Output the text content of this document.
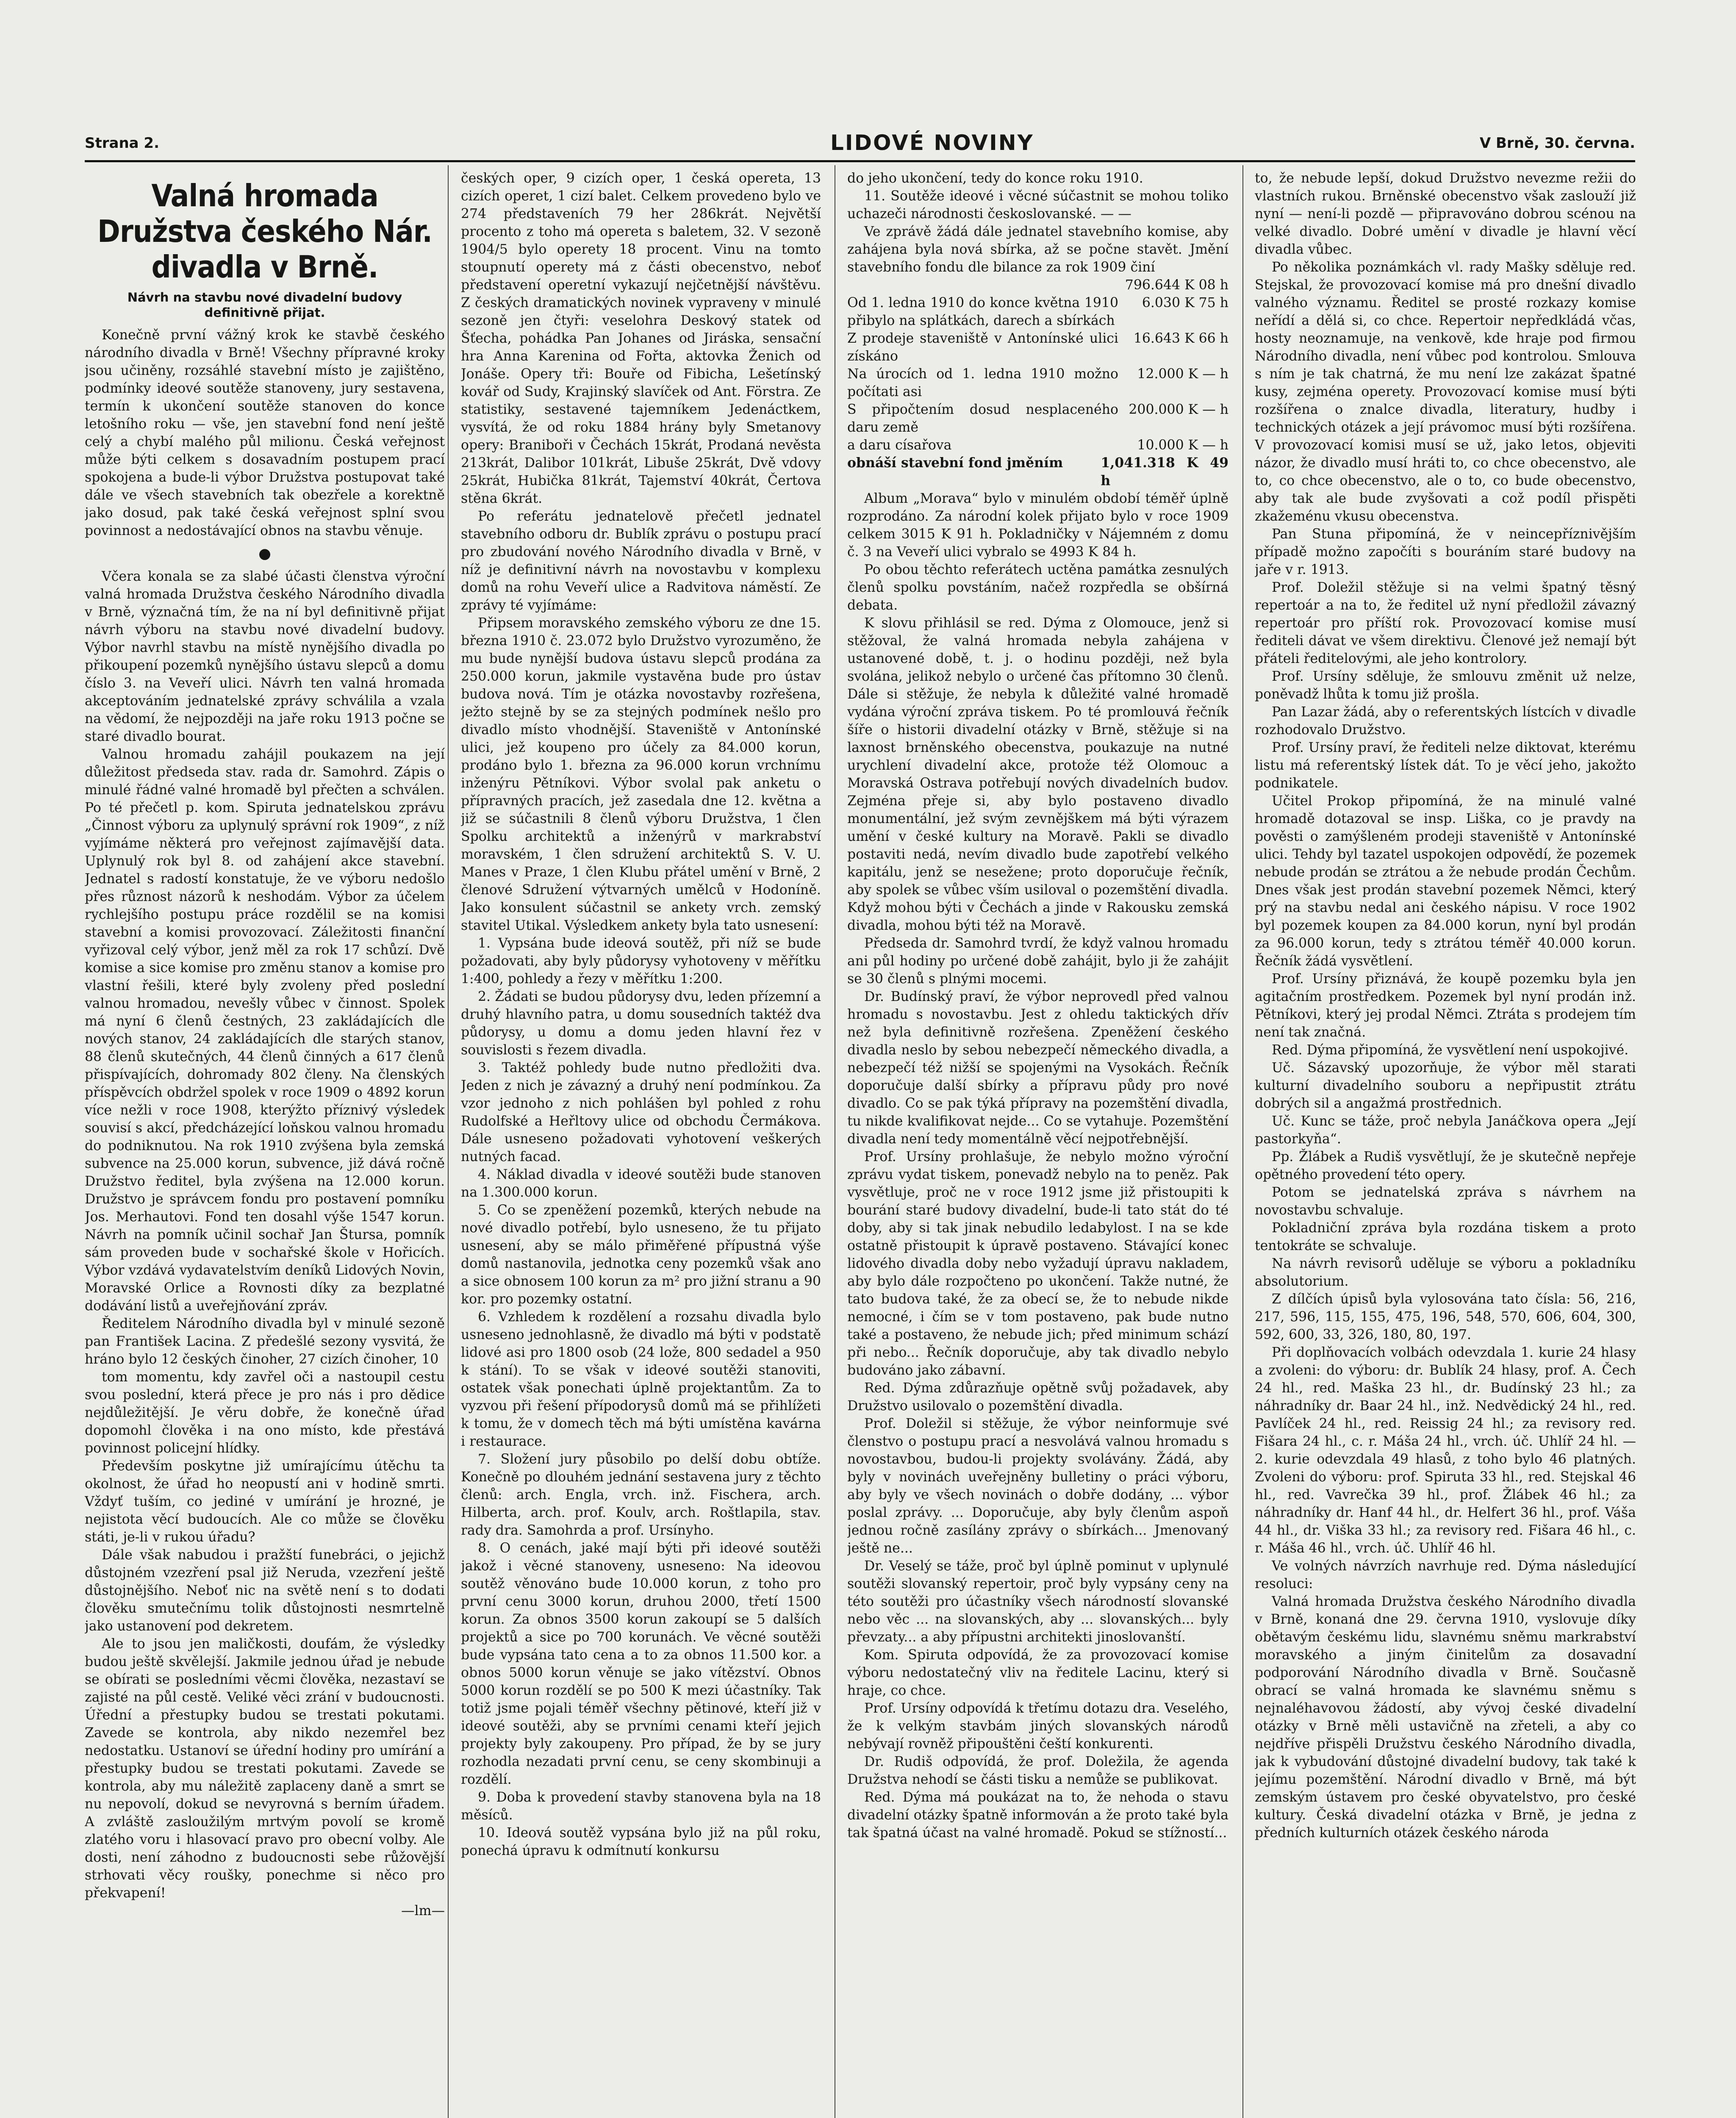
Strana 2.	LIDOVÉ NOVINY	V Brně, 30. června.
Valná hromada Družstva českého Nár. divadla v Brně.
Návrh na stavbu nové divadelní budovy definitivně přijat.

Konečně první vážný krok ke stavbě českého národního divadla v Brně! Všechny přípravné kroky jsou učiněny, rozsáhlé stavební místo je zajištěno, podmínky ideové soutěže stanoveny, jury sestavena, termín k ukončení soutěže stanoven do konce letošního roku — vše, jen stavební fond není ještě celý a chybí malého půl milionu. Česká veřejnost může býti celkem s dosavadním postupem prací spokojena a bude-li výbor Družstva postupovat také dále ve všech stavebních tak obezřele a korektně jako dosud, pak také česká veřejnost splní svou povinnost a nedostávající obnos na stavbu věnuje.

●

Včera konala se za slabé účasti členstva výroční valná hromada Družstva českého Národního divadla v Brně, význačná tím, že na ní byl definitivně přijat návrh výboru na stavbu nové divadelní budovy. Výbor navrhl stavbu na místě nynějšího divadla po přikoupení pozemků nynějšího ústavu slepců a domu číslo 3. na Veveří ulici. Návrh ten valná hromada akceptováním jednatelské zprávy schválila a vzala na vědomí, že nejpozději na jaře roku 1913 počne se staré divadlo bourat.

Valnou hromadu zahájil poukazem na její důležitost předseda stav. rada dr. Samohrd. Zápis o minulé řádné valné hromadě byl přečten a schválen. Po té přečetl p. kom. Spiruta jednatelskou zprávu „Činnost výboru za uplynulý správní rok 1909“, z níž vyjímáme některá pro veřejnost zajímavější data. Uplynulý rok byl 8. od zahájení akce stavební. Jednatel s radostí konstatuje, že ve výboru nedošlo přes různost názorů k neshodám. Výbor za účelem rychlejšího postupu práce rozdělil se na komisi stavební a komisi provozovací. Záležitosti finanční vyřizoval celý výbor, jenž měl za rok 17 schůzí. Dvě komise a sice komise pro změnu stanov a komise pro vlastní řešili, které byly zvoleny před poslední valnou hromadou, nevešly vůbec v činnost. Spolek má nyní 6 členů čestných, 23 zakládajících dle nových stanov, 24 zakládajících dle starých stanov, 88 členů skutečných, 44 členů činných a 617 členů přispívajících, dohromady 802 členy. Na členských příspěvcích obdržel spolek v roce 1909 o 4892 korun více nežli v roce 1908, kterýžto příznivý výsledek souvisí s akcí, předcházející loňskou valnou hromadu do podniknutou. Na rok 1910 zvýšena byla zemská subvence na 25.000 korun, subvence, již dává ročně Družstvo ředitel, byla zvýšena na 12.000 korun. Družstvo je správcem fondu pro postavení pomníku Jos. Merhautovi. Fond ten dosahl výše 1547 korun. Návrh na pomník učinil sochař Jan Štursa, pomník sám proveden bude v sochařské škole v Hořicích. Výbor vzdává vydavatelstvím deníků Lidových Novin, Moravské Orlice a Rovnosti díky za bezplatné dodávání listů a uveřejňování zpráv.

Ředitelem Národního divadla byl v minulé sezoně pan František Lacina. Z předešlé sezony vysvitá, že hráno bylo 12 českých činoher, 27 cizích činoher, 10

tom momentu, kdy zavřel oči a nastoupil cestu svou poslední, která přece je pro nás i pro dědice nejdůležitější. Je věru dobře, že konečně úřad dopomohl člověka i na ono místo, kde přestává povinnost policejní hlídky.

Především poskytne již umírajícímu útěchu ta okolnost, že úřad ho neopustí ani v hodině smrti. Vždyť tuším, co jediné v umírání je hrozné, je nejistota věcí budoucích. Ale co může se člověku státi, je-li v rukou úřadu?

Dále však nabudou i pražští funebráci, o jejichž důstojném vzezření psal již Neruda, vzezření ještě důstojnějšího. Neboť nic na světě není s to dodati člověku smutečnímu tolik důstojnosti nesmrtelně jako ustanovení pod dekretem.

Ale to jsou jen maličkosti, doufám, že výsledky budou ještě skvělejší. Jakmile jednou úřad je nebude se obírati se posledními věcmi člověka, nezastaví se zajisté na půl cestě. Veliké věci zrání v budoucnosti. Úřední a přestupky budou se trestati pokutami. Zavede se kontrola, aby nikdo nezemřel bez nedostatku. Ustanoví se úřední hodiny pro umírání a přestupky budou se trestati pokutami. Zavede se kontrola, aby mu náležitě zaplaceny daně a smrt se nu nepovolí, dokud se nevyrovná s berním úřadem. A zvláště zasloužilým mrtvým povolí se kromě zlatého voru i hlasovací pravo pro obecní volby. Ale dosti, není záhodno z budoucnosti sebe růžovější strhovati věcy roušky, ponechme si něco pro překvapení!

—lm—

českých oper, 9 cizích oper, 1 česká opereta, 13 cizích operet, 1 cizí balet. Celkem provedeno bylo ve 274 představeních 79 her 286krát. Největší procento z toho má opereta s baletem, 32. V sezoně 1904/5 bylo operety 18 procent. Vinu na tomto stoupnutí operety má z části obecenstvo, neboť představení operetní vykazují nejčetnější návštěvu. Z českých dramatických novinek vypraveny v minulé sezoně jen čtyři: veselohra Deskový statek od Šťecha, pohádka Pan Johanes od Jiráska, sensační hra Anna Karenina od Fořta, aktovka Ženich od Jonáše. Opery tři: Bouře od Fibicha, Lešetínský kovář od Sudy, Krajinský slavíček od Ant. Förstra. Ze statistiky, sestavené tajemníkem Jedenáctkem, vysvítá, že od roku 1884 hrány byly Smetanovy opery: Braniboři v Čechách 15krát, Prodaná nevěsta 213krát, Dalibor 101krát, Libuše 25krát, Dvě vdovy 25krát, Hubička 81krát, Tajemství 40krát, Čertova stěna 6krát.

Po referátu jednatelově přečetl jednatel stavebního odboru dr. Bublík zprávu o postupu prací pro zbudování nového Národního divadla v Brně, v níž je definitivní návrh na novostavbu v komplexu domů na rohu Veveří ulice a Radvitova náměstí. Ze zprávy té vyjímáme:

Připsem moravského zemského výboru ze dne 15. března 1910 č. 23.072 bylo Družstvo vyrozuměno, že mu bude nynější budova ústavu slepců prodána za 250.000 korun, jakmile vystavěna bude pro ústav budova nová. Tím je otázka novostavby rozřešena, ježto stejně by se za stejných podmínek nešlo pro divadlo místo vhodnější. Staveniště v Antonínské ulici, jež koupeno pro účely za 84.000 korun, prodáno bylo 1. března za 96.000 korun vrchnímu inženýru Pětníkovi. Výbor svolal pak anketu o přípravných pracích, jež zasedala dne 12. května a již se súčastnili 8 členů výboru Družstva, 1 člen Spolku architektů a inženýrů v markrabství moravském, 1 člen sdružení architektů S. V. U. Manes v Praze, 1 člen Klubu přátel umění v Brně, 2 členové Sdružení výtvarných umělců v Hodoníně. Jako konsulent súčastnil se ankety vrch. zemský stavitel Utikal. Výsledkem ankety byla tato usnesení:

1. Vypsána bude ideová soutěž, při níž se bude požadovati, aby byly půdorysy vyhotoveny v měřítku 1:400, pohledy a řezy v měřítku 1:200.

2. Žádati se budou půdorysy dvu, leden přízemní a druhý hlavního patra, u domu sousedních taktéž dva půdorysy, u domu a domu jeden hlavní řez v souvislosti s řezem divadla.

3. Taktéž pohledy bude nutno předložiti dva. Jeden z nich je závazný a druhý není podmínkou. Za vzor jednoho z nich pohlášen byl pohled z rohu Rudolfské a Heřltovy ulice od obchodu Čermákova. Dále usneseno požadovati vyhotovení veškerých nutných facad.

4. Náklad divadla v ideové soutěži bude stanoven na 1.300.000 korun.

5. Co se zpeněžení pozemků, kterých nebude na nové divadlo potřebí, bylo usneseno, že tu přijato usnesení, aby se málo přiměřené přípustná výše domů nastanovila, jednotka ceny pozemků však ano a sice obnosem 100 korun za m² pro jižní stranu a 90 kor. pro pozemky ostatní.

6. Vzhledem k rozdělení a rozsahu divadla bylo usneseno jednohlasně, že divadlo má býti v podstatě lidové asi pro 1800 osob (24 lože, 800 sedadel a 950 k stání). To se však v ideové soutěži stanoviti, ostatek však ponechati úplně projektantům. Za to vyzvou při řešení přípodorysů domů má se přihlížeti k tomu, že v domech těch má býti umístěna kavárna i restaurace.

7. Složení jury působilo po delší dobu obtíže. Konečně po dlouhém jednání sestavena jury z těchto členů: arch. Engla, vrch. inž. Fischera, arch. Hilberta, arch. prof. Koulv, arch. Roštlapila, stav. rady dra. Samohrda a prof. Ursínyho.

8. O cenách, jaké mají býti při ideové soutěži jakož i věcné stanoveny, usneseno: Na ideovou soutěž věnováno bude 10.000 korun, z toho pro první cenu 3000 korun, druhou 2000, třetí 1500 korun. Za obnos 3500 korun zakoupí se 5 dalších projektů a sice po 700 korunách. Ve věcné soutěži bude vypsána tato cena a to za obnos 11.500 kor. a obnos 5000 korun věnuje se jako vítězství. Obnos 5000 korun rozdělí se po 500 K mezi účastníky. Tak totiž jsme pojali téměř všechny pětinové, kteří již v ideové soutěži, aby se prvními cenami kteří jejich projekty byly zakoupeny. Pro případ, že by se jury rozhodla nezadati první cenu, se ceny skombinuji a rozdělí.

9. Doba k provedení stavby stanovena byla na 18 měsíců.

10. Ideová soutěž vypsána bylo již na půl roku, ponechá úpravu k odmítnutí konkursu

do jeho ukončení, tedy do konce roku 1910.

11. Soutěže ideové i věcné súčastnit se mohou toliko uchazeči národnosti českoslovanské. — —

Ve zprávě žádá dále jednatel stavebního komise, aby zahájena byla nová sbírka, až se počne stavět. Jmění stavebního fondu dle bilance za rok 1909 činí

796.644 K 08 h
Od 1. ledna 1910 do konce května 1910 přibylo na splátkách, darech a sbírkách
6.030 K 75 h
Z prodeje staveniště v Antonínské ulici získáno
16.643 K 66 h
Na úrocích od 1. ledna 1910 možno počítati asi
12.000 K — h
S připočtením dosud nesplaceného daru země
200.000 K — h
a daru císařova	10.000 K — h
obnáší stavební fond jměním	1,041.318 K 49 h

Album „Morava“ bylo v minulém období téměř úplně rozprodáno. Za národní kolek přijato bylo v roce 1909 celkem 3015 K 91 h. Pokladničky v Nájemném z domu č. 3 na Veveří ulici vybralo se 4993 K 84 h.

Po obou těchto referátech uctěna památka zesnulých členů spolku povstáním, načež rozpředla se obšírná debata.

K slovu přihlásil se red. Dýma z Olomouce, jenž si stěžoval, že valná hromada nebyla zahájena v ustanovené době, t. j. o hodinu později, než byla svolána, jelikož nebylo o určené čas přítomno 30 členů. Dále si stěžuje, že nebyla k důležité valné hromadě vydána výroční zpráva tiskem. Po té promlouvá řečník šíře o historii divadelní otázky v Brně, stěžuje si na laxnost brněnského obecenstva, poukazuje na nutné urychlení divadelní akce, protože též Olomouc a Moravská Ostrava potřebují nových divadelních budov. Zejména přeje si, aby bylo postaveno divadlo monumentální, jež svým zevnějškem má býti výrazem umění v české kultury na Moravě. Pakli se divadlo postaviti nedá, nevím divadlo bude zapotřebí velkého kapitálu, jenž se nesežene; proto doporučuje řečník, aby spolek se vůbec vším usiloval o pozemštění divadla. Když mohou býti v Čechách a jinde v Rakousku zemská divadla, mohou býti též na Moravě.

Předseda dr. Samohrd tvrdí, že když valnou hromadu ani půl hodiny po určené době zahájit, bylo ji že zahájit se 30 členů s plnými mocemi.

Dr. Budínský praví, že výbor neprovedl před valnou hromadu s novostavbu. Jest z ohledu taktických dřív než byla definitivně rozřešena. Zpeněžení českého divadla neslo by sebou nebezpečí německého divadla, a nebezpečí též nižší se spojenými na Vysokách. Řečník doporučuje další sbírky a přípravu půdy pro nové divadlo. Co se pak týká přípravy na pozemštění divadla, tu nikde kvalifikovat nejde... Co se vytahuje. Pozemštění divadla není tedy momentálně věcí nejpotřebnější.

Prof. Ursíny prohlašuje, že nebylo možno výroční zprávu vydat tiskem, ponevadž nebylo na to peněz. Pak vysvětluje, proč ne v roce 1912 jsme již přistoupiti k bourání staré budovy divadelní, bude-li tato stát do té doby, aby si tak jinak nebudilo ledabylost. I na se kde ostatně přistoupit k úpravě postaveno. Stávající konec lidového divadla doby nebo vyžadují úpravu nakladem, aby bylo dále rozpočteno po ukončení. Takže nutné, že tato budova také, že za obecí se, že to nebude nikde nemocné, i čím se v tom postaveno, pak bude nutno také a postaveno, že nebude jich; před minimum schází při nebo... Řečník doporučuje, aby tak divadlo nebylo budováno jako zábavní.

Red. Dýma zdůrazňuje opětně svůj požadavek, aby Družstvo usilovalo o pozemštění divadla.

Prof. Doležil si stěžuje, že výbor neinformuje své členstvo o postupu prací a nesvolává valnou hromadu s novostavbou, budou-li projekty svolávány. Žádá, aby byly v novinách uveřejněny bulletiny o práci výboru, aby byly ve všech novinách o dobře dodány, ... výbor poslal zprávy. ... Doporučuje, aby byly členům aspoň jednou ročně zasílány zprávy o sbírkách... Jmenovaný ještě ne...

Dr. Veselý se táže, proč byl úplně pominut v uplynulé soutěži slovanský repertoir, proč byly vypsány ceny na této soutěži pro účastníky všech národností slovanské nebo věc ... na slovanských, aby ... slovanských... byly převzaty... a aby přípustni architekti jinoslovanští.

Kom. Spiruta odpovídá, že za provozovací komise výboru nedostatečný vliv na ředitele Lacinu, který si hraje, co chce.

Prof. Ursíny odpovídá k třetímu dotazu dra. Veselého, že k velkým stavbám jiných slovanských národů nebývají rovněž připouštěni čeští konkurenti.

Dr. Rudiš odpovídá, že prof. Doležila, že agenda Družstva nehodí se části tisku a nemůže se publikovat.

Red. Dýma má poukázat na to, že nehoda o stavu divadelní otázky špatně informován a že proto také byla tak špatná účast na valné hromadě. Pokud se stížností...

to, že nebude lepší, dokud Družstvo nevezme režii do vlastních rukou. Brněnské obecenstvo však zaslouží již nyní — není-li pozdě — připravováno dobrou scénou na velké divadlo. Dobré umění v divadle je hlavní věcí divadla vůbec.

Po několika poznámkách vl. rady Mašky sděluje red. Stejskal, že provozovací komise má pro dnešní divadlo valného významu. Ředitel se prosté rozkazy komise neřídí a dělá si, co chce. Repertoir nepředkládá včas, hosty neoznamuje, na venkově, kde hraje pod firmou Národního divadla, není vůbec pod kontrolou. Smlouva s ním je tak chatrná, že mu není lze zakázat špatné kusy, zejména operety. Provozovací komise musí býti rozšířena o znalce divadla, literatury, hudby i technických otázek a její právomoc musí býti rozšířena. V provozovací komisi musí se už, jako letos, objeviti názor, že divadlo musí hráti to, co chce obecenstvo, ale to, co chce obecenstvo, ale o to, co bude obecenstvo, aby tak ale bude zvyšovati a což podíl přispěti zkažeménu vkusu obecenstva.

Pan Stuna připomíná, že v neincepříznivějším případě možno započíti s bouráním staré budovy na jaře v r. 1913.

Prof. Doležil stěžuje si na velmi špatný těsný repertoár a na to, že ředitel už nyní předložil závazný repertoár pro příští rok. Provozovací komise musí řediteli dávat ve všem direktivu. Členové jež nemají být přáteli ředitelovými, ale jeho kontrolory.

Prof. Ursíny sděluje, že smlouvu změnit už nelze, poněvadž lhůta k tomu již prošla.

Pan Lazar žádá, aby o referentských lístcích v divadle rozhodovalo Družstvo.

Prof. Ursíny praví, že řediteli nelze diktovat, kterému listu má referentský lístek dát. To je věcí jeho, jakožto podnikatele.

Učitel Prokop připomíná, že na minulé valné hromadě dotazoval se insp. Liška, co je pravdy na pověsti o zamýšleném prodeji staveniště v Antonínské ulici. Tehdy byl tazatel uspokojen odpovědí, že pozemek nebude prodán se ztrátou a že nebude prodán Čechům. Dnes však jest prodán stavební pozemek Němci, který prý na stavbu nedal ani českého nápisu. V roce 1902 byl pozemek koupen za 84.000 korun, nyní byl prodán za 96.000 korun, tedy s ztrátou téměř 40.000 korun. Řečník žádá vysvětlení.

Prof. Ursíny přiznává, že koupě pozemku byla jen agitačním prostředkem. Pozemek byl nyní prodán inž. Pětníkovi, který jej prodal Němci. Ztráta s prodejem tím není tak značná.

Red. Dýma připomíná, že vysvětlení není uspokojivé.

Uč. Sázavský upozorňuje, že výbor měl starati kulturní divadelního souboru a nepřipustit ztrátu dobrých sil a angažmá prostřednich.

Uč. Kunc se táže, proč nebyla Janáčkova opera „Její pastorkyňa“.

Pp. Žlábek a Rudiš vysvětlují, že je skutečně nepřeje opětného provedení této opery.

Potom se jednatelská zpráva s návrhem na novostavbu schvaluje.

Pokladniční zpráva byla rozdána tiskem a proto tentokráte se schvaluje.

Na návrh revisorů uděluje se výboru a pokladníku absolutorium.

Z dílčích úpisů byla vylosována tato čísla: 56, 216, 217, 596, 115, 155, 475, 196, 548, 570, 606, 604, 300, 592, 600, 33, 326, 180, 80, 197.

Při doplňovacích volbách odevzdala 1. kurie 24 hlasy a zvoleni: do výboru: dr. Bublík 24 hlasy, prof. A. Čech 24 hl., red. Maška 23 hl., dr. Budínský 23 hl.; za náhradníky dr. Baar 24 hl., inž. Nedvědický 24 hl., red. Pavlíček 24 hl., red. Reissig 24 hl.; za revisory red. Fišara 24 hl., c. r. Máša 24 hl., vrch. úč. Uhlíř 24 hl. — 2. kurie odevzdala 49 hlasů, z toho bylo 46 platných. Zvoleni do výboru: prof. Spiruta 33 hl., red. Stejskal 46 hl., red. Vavrečka 39 hl., prof. Žlábek 46 hl.; za náhradníky dr. Hanf 44 hl., dr. Helfert 36 hl., prof. Váša 44 hl., dr. Viška 33 hl.; za revisory red. Fišara 46 hl., c. r. Máša 46 hl., vrch. úč. Uhlíř 46 hl.

Ve volných návrzích navrhuje red. Dýma následující resoluci:

Valná hromada Družstva českého Národního divadla v Brně, konaná dne 29. června 1910, vyslovuje díky obětavým českému lidu, slavnému sněmu markrabství moravského a jiným činitelům za dosavadní podporování Národního divadla v Brně. Současně obrací se valná hromada ke slavnému sněmu s nejnaléhavovou žádostí, aby vývoj české divadelní otázky v Brně měli ustavičně na zřeteli, a aby co nejdříve přispěli Družstvu českého Národního divadla, jak k vybudování důstojné divadelní budovy, tak také k jejímu pozemštění. Národní divadlo v Brně, má být zemským ústavem pro české obyvatelstvo, pro české kultury. Česká divadelní otázka v Brně, je jedna z předních kulturních otázek českého národa
